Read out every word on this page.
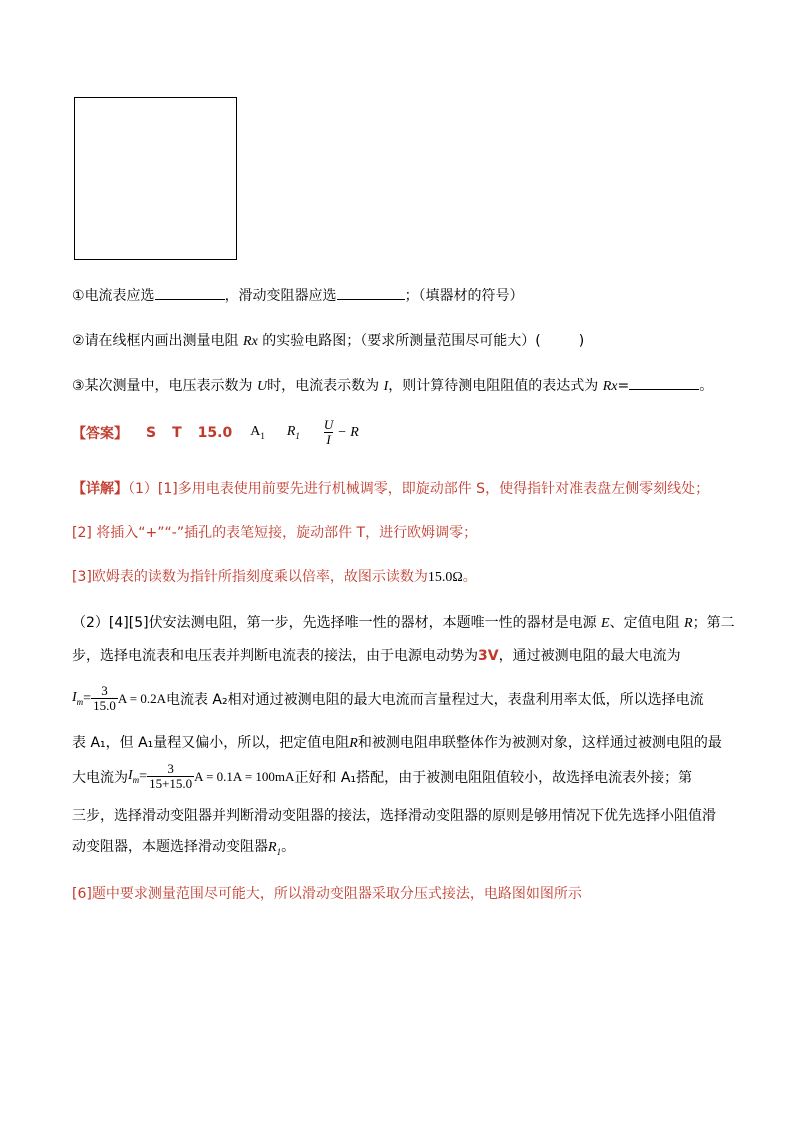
①电流表应选	，滑动变阻器应选	；（填器材的符号）
②请在线框内画出测量电阻 Rx 的实验电路图；（要求所测量范围尽可能大）(	)
③某次测量中，电压表示数为 U时，电流表示数为 I，则计算待测电阻阻值的表达式为 Rx=	。
【答案】 S T 15.0 $A_1$ $R_1 \frac{U}{I} - R$
【详解】（1）[1]多用电表使用前要先进行机械调零，即旋动部件 S，使得指针对准表盘左侧零刻线处；
[2] 将插入“+”“-”插孔的表笔短接，旋动部件 T，进行欧姆调零；
[3]欧姆表的读数为指针所指刻度乘以倍率，故图示读数为15.0Ω。
（2）[4][5]伏安法测电阻，第一步，先选择唯一性的器材，本题唯一性的器材是电源 E、定值电阻 R；第二
步，选择电流表和电压表并判断电流表的接法，由于电源电动势为3V，通过被测电阻的最大电流为
$I_m = \frac{3}{15.0}$ A = 0.2A 电流表 A₂相对通过被测电阻的最大电流而言量程过大，表盘利用率太低，所以选择电流
表 A₁，但 A₁量程又偏小，所以，把定值电阻R和被测电阻串联整体作为被测对象，这样通过被测电阻的最
大电流为 $I_m = \frac{3}{15+15.0}$ A = 0.1A = 100mA 正好和 A₁搭配，由于被测电阻阻值较小，故选择电流表外接；第
三步，选择滑动变阻器并判断滑动变阻器的接法，选择滑动变阻器的原则是够用情况下优先选择小阻值滑
动变阻器，本题选择滑动变阻器$R_1$。
[6]题中要求测量范围尽可能大，所以滑动变阻器采取分压式接法，电路图如图所示
